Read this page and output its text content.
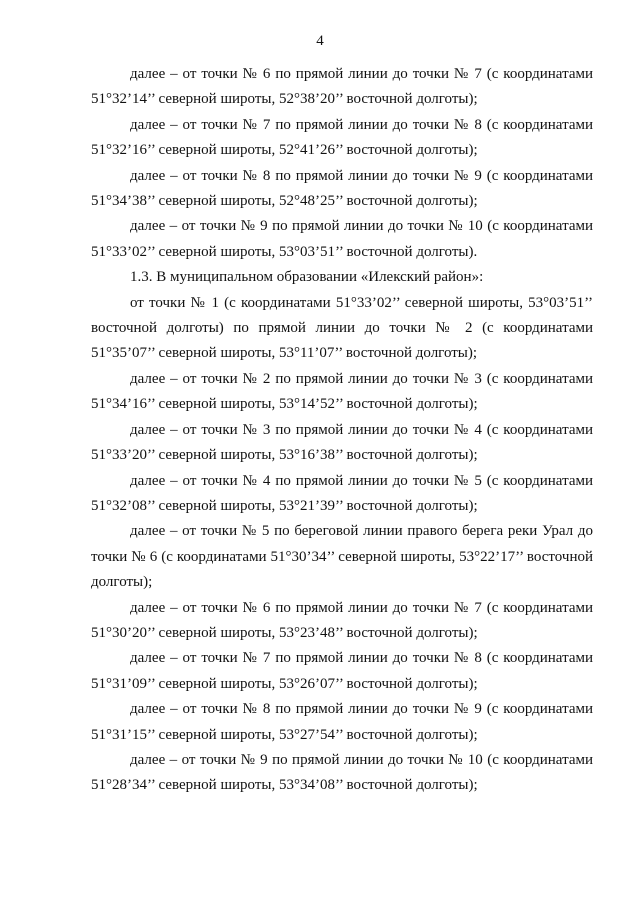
4

далее – от точки № 6 по прямой линии до точки № 7 (с координатами 51°32’14’’ северной широты, 52°38’20’’ восточной долготы);

далее – от точки № 7 по прямой линии до точки № 8 (с координатами 51°32’16’’ северной широты, 52°41’26’’ восточной долготы);

далее – от точки № 8 по прямой линии до точки № 9 (с координатами 51°34’38’’ северной широты, 52°48’25’’ восточной долготы);

далее – от точки № 9 по прямой линии до точки № 10 (с координатами 51°33’02’’ северной широты, 53°03’51’’ восточной долготы).

1.3. В муниципальном образовании «Илекский район»:

от точки № 1 (с координатами 51°33’02’’ северной широты, 53°03’51’’ восточной долготы) по прямой линии до точки № 2 (с координатами 51°35’07’’ северной широты, 53°11’07’’ восточной долготы);

далее – от точки № 2 по прямой линии до точки № 3 (с координатами 51°34’16’’ северной широты, 53°14’52’’ восточной долготы);

далее – от точки № 3 по прямой линии до точки № 4 (с координатами 51°33’20’’ северной широты, 53°16’38’’ восточной долготы);

далее – от точки № 4 по прямой линии до точки № 5 (с координатами 51°32’08’’ северной широты, 53°21’39’’ восточной долготы);

далее – от точки № 5 по береговой линии правого берега реки Урал до точки № 6 (с координатами 51°30’34’’ северной широты, 53°22’17’’ восточной долготы);

далее – от точки № 6 по прямой линии до точки № 7 (с координатами 51°30’20’’ северной широты, 53°23’48’’ восточной долготы);

далее – от точки № 7 по прямой линии до точки № 8 (с координатами 51°31’09’’ северной широты, 53°26’07’’ восточной долготы);

далее – от точки № 8 по прямой линии до точки № 9 (с координатами 51°31’15’’ северной широты, 53°27’54’’ восточной долготы);

далее – от точки № 9 по прямой линии до точки № 10 (с координатами 51°28’34’’ северной широты, 53°34’08’’ восточной долготы);
